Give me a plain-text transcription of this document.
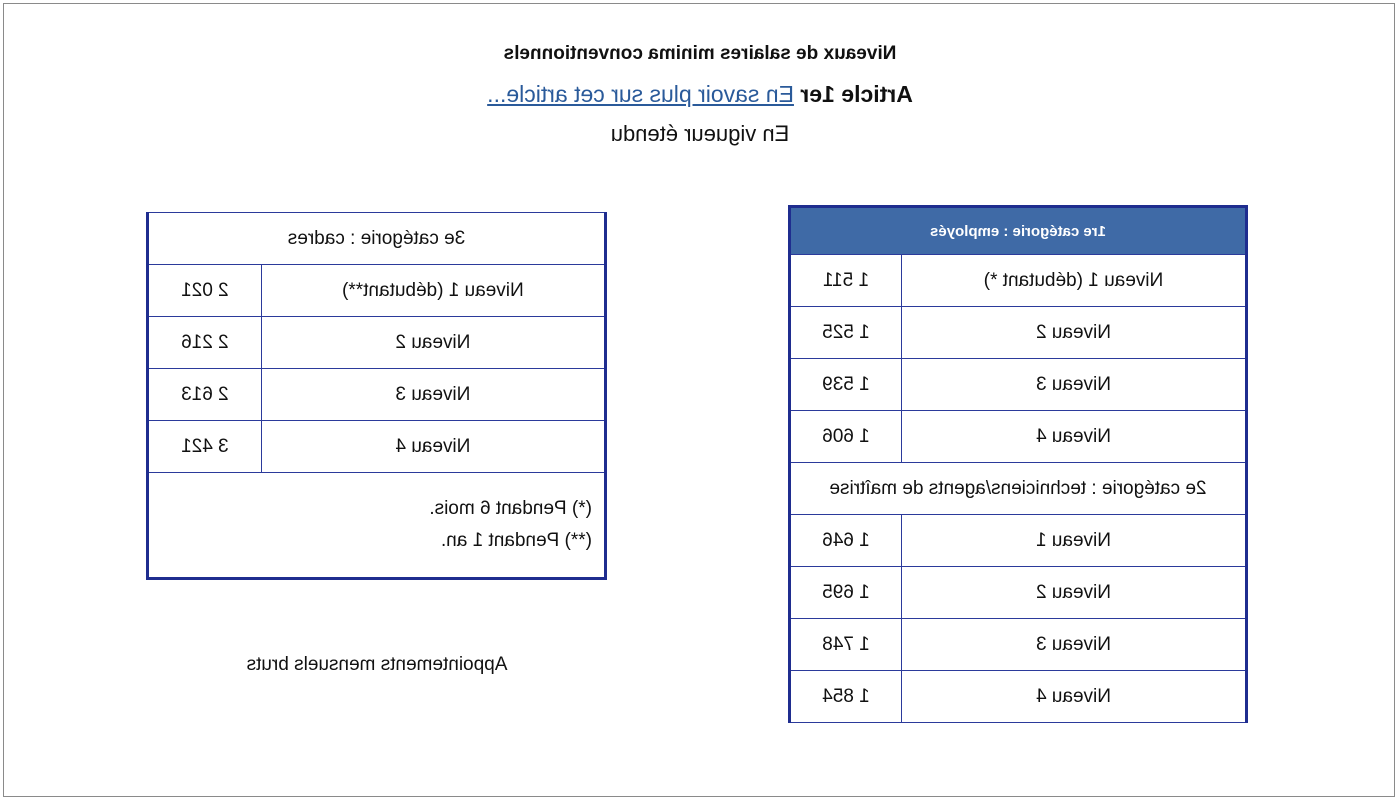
Niveaux de salaires minima conventionnels
Article 1er En savoir plus sur cet article...
En vigueur étendu
1re catégorie : employés	
Niveau 1 (débutant *)	1 511
Niveau 2	1 525
Niveau 3	1 539
Niveau 4	1 606
2e catégorie : techniciens/agents de maîtrise	
Niveau 1	1 646
Niveau 2	1 695
Niveau 3	1 748
Niveau 4	1 854
3e catégorie : cadres	
Niveau 1 (débutant**)	2 021
Niveau 2	2 216
Niveau 3	2 613
Niveau 4	3 421

(*) Pendant 6 mois.
(**) Pendant 1 an.	
Appointements mensuels bruts
